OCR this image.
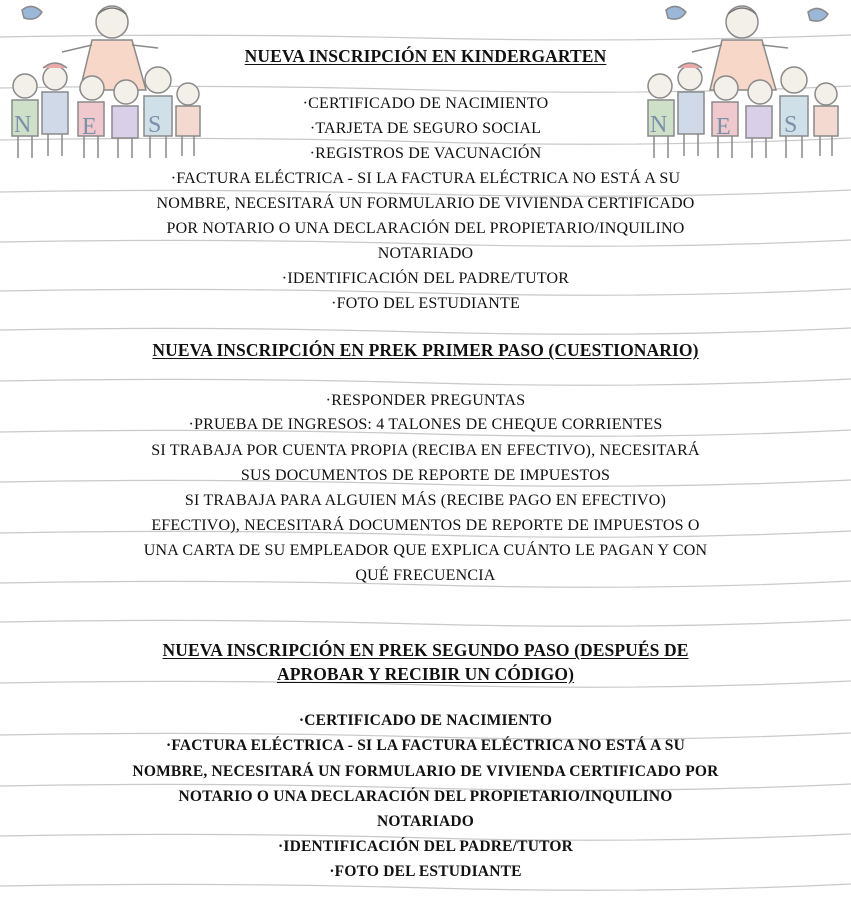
N E S	N E S
NUEVA INSCRIPCIÓN EN KINDERGARTEN
·CERTIFICADO DE NACIMIENTO
·TARJETA DE SEGURO SOCIAL
·REGISTROS DE VACUNACIÓN
·FACTURA ELÉCTRICA - SI LA FACTURA ELÉCTRICA NO ESTÁ A SU
NOMBRE, NECESITARÁ UN FORMULARIO DE VIVIENDA CERTIFICADO
POR NOTARIO O UNA DECLARACIÓN DEL PROPIETARIO/INQUILINO
NOTARIADO
·IDENTIFICACIÓN DEL PADRE/TUTOR
·FOTO DEL ESTUDIANTE
NUEVA INSCRIPCIÓN EN PREK PRIMER PASO (CUESTIONARIO)
·RESPONDER PREGUNTAS
·PRUEBA DE INGRESOS: 4 TALONES DE CHEQUE CORRIENTES
SI TRABAJA POR CUENTA PROPIA (RECIBA EN EFECTIVO), NECESITARÁ
SUS DOCUMENTOS DE REPORTE DE IMPUESTOS
SI TRABAJA PARA ALGUIEN MÁS (RECIBE PAGO EN EFECTIVO)
EFECTIVO), NECESITARÁ DOCUMENTOS DE REPORTE DE IMPUESTOS O
UNA CARTA DE SU EMPLEADOR QUE EXPLICA CUÁNTO LE PAGAN Y CON
QUÉ FRECUENCIA
NUEVA INSCRIPCIÓN EN PREK SEGUNDO PASO (DESPUÉS DE
APROBAR Y RECIBIR UN CÓDIGO)
·CERTIFICADO DE NACIMIENTO
·FACTURA ELÉCTRICA - SI LA FACTURA ELÉCTRICA NO ESTÁ A SU
NOMBRE, NECESITARÁ UN FORMULARIO DE VIVIENDA CERTIFICADO POR
NOTARIO O UNA DECLARACIÓN DEL PROPIETARIO/INQUILINO
NOTARIADO
·IDENTIFICACIÓN DEL PADRE/TUTOR
·FOTO DEL ESTUDIANTE
